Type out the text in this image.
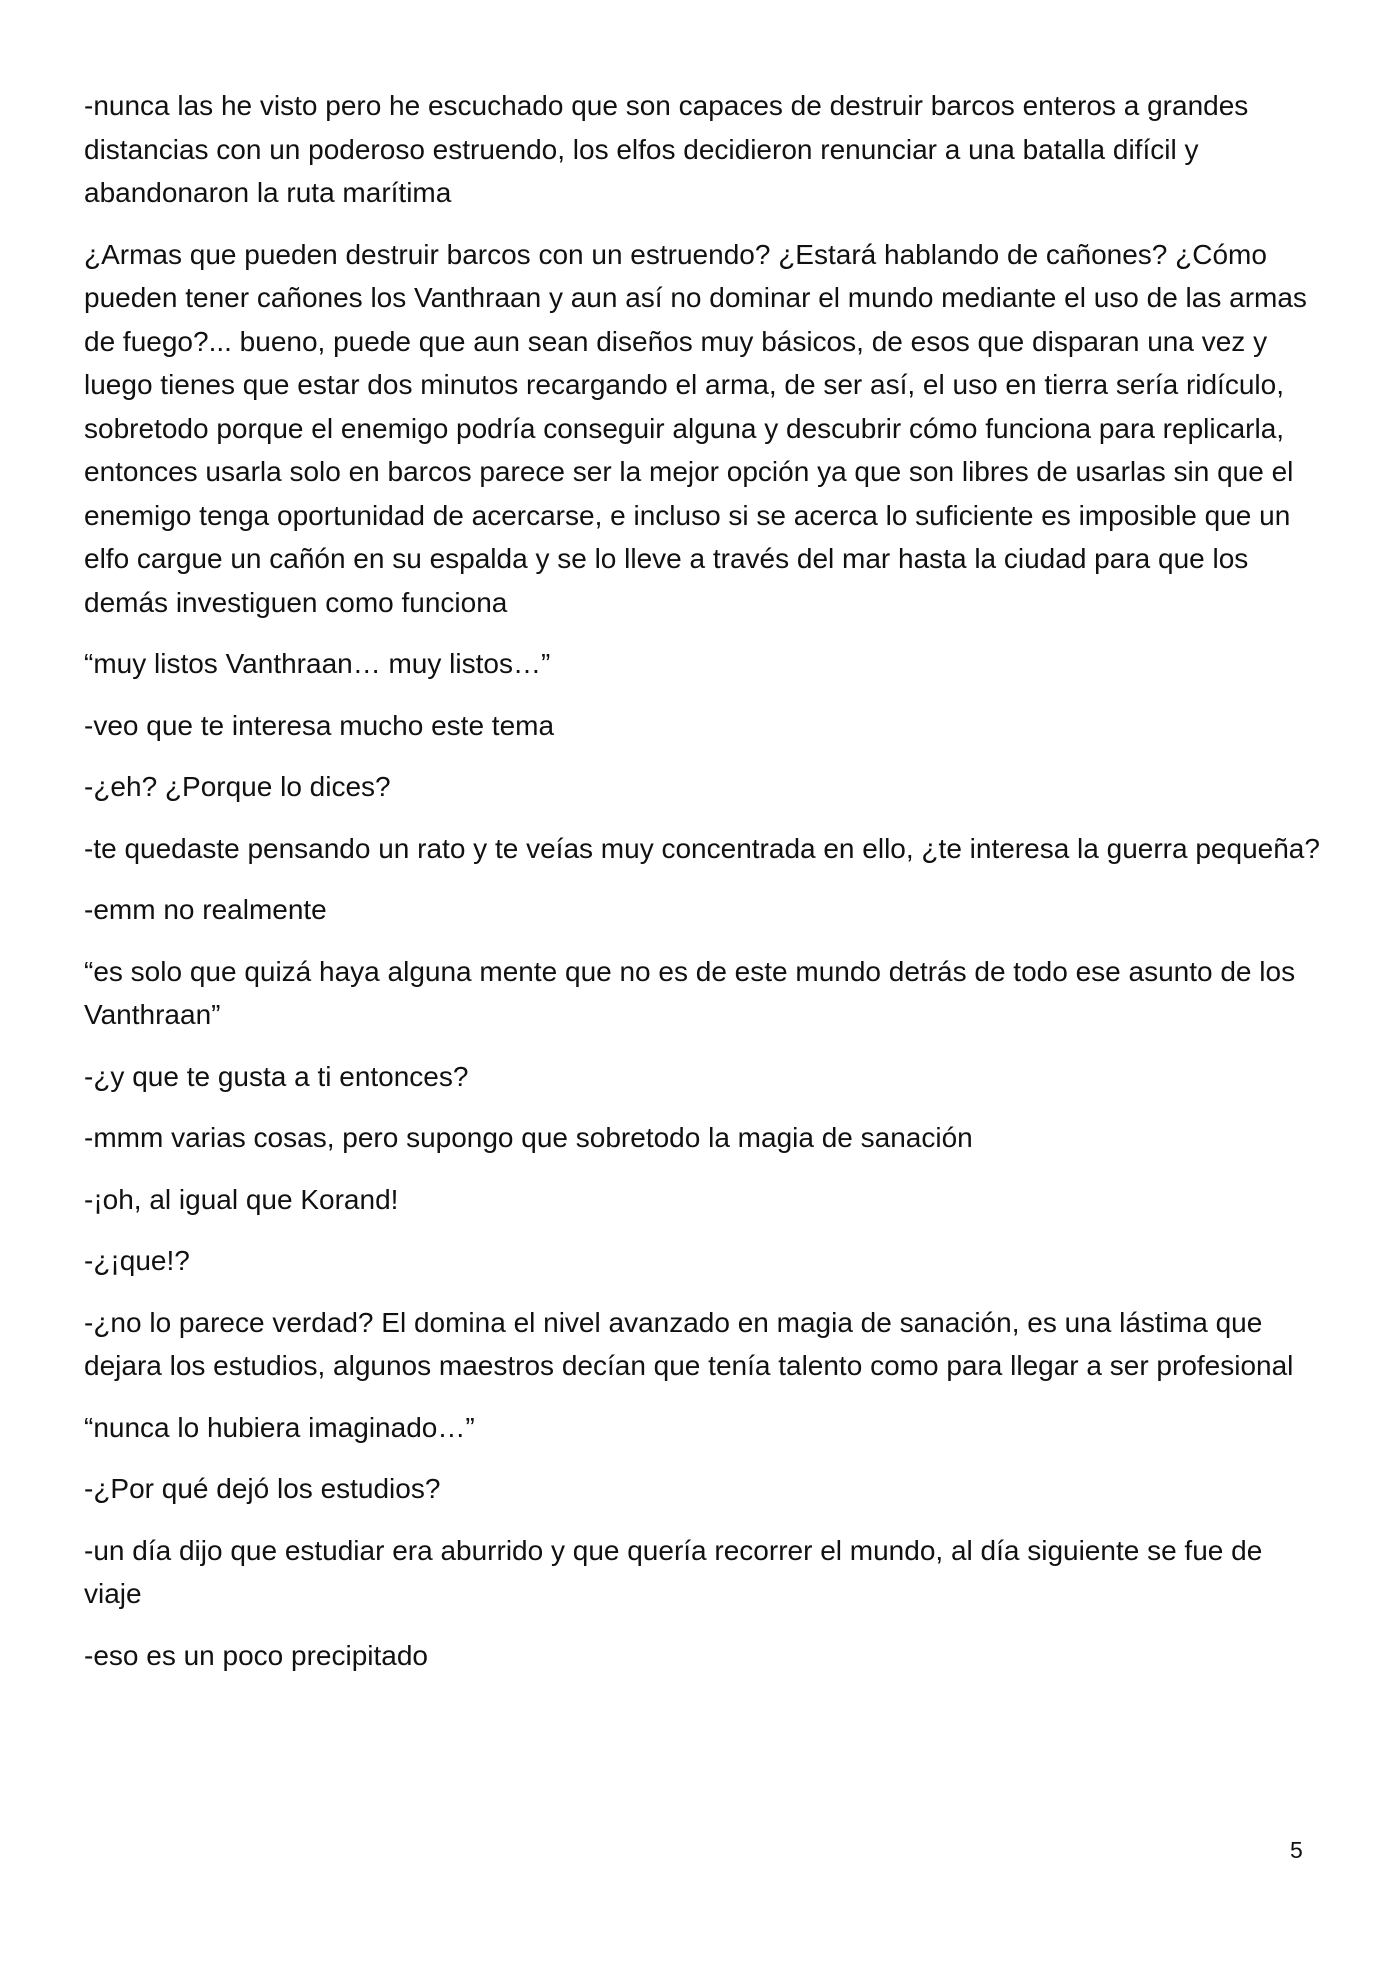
-nunca las he visto pero he escuchado que son capaces de destruir barcos enteros a grandes distancias con un poderoso estruendo, los elfos decidieron renunciar a una batalla difícil y abandonaron la ruta marítima

¿Armas que pueden destruir barcos con un estruendo? ¿Estará hablando de cañones? ¿Cómo pueden tener cañones los Vanthraan y aun así no dominar el mundo mediante el uso de las armas de fuego?... bueno, puede que aun sean diseños muy básicos, de esos que disparan una vez y luego tienes que estar dos minutos recargando el arma, de ser así, el uso en tierra sería ridículo, sobretodo porque el enemigo podría conseguir alguna y descubrir cómo funciona para replicarla, entonces usarla solo en barcos parece ser la mejor opción ya que son libres de usarlas sin que el enemigo tenga oportunidad de acercarse, e incluso si se acerca lo suficiente es imposible que un elfo cargue un cañón en su espalda y se lo lleve a través del mar hasta la ciudad para que los demás investiguen como funciona

“muy listos Vanthraan… muy listos…”

-veo que te interesa mucho este tema

-¿eh? ¿Porque lo dices?

-te quedaste pensando un rato y te veías muy concentrada en ello, ¿te interesa la guerra pequeña?

-emm no realmente

“es solo que quizá haya alguna mente que no es de este mundo detrás de todo ese asunto de los Vanthraan”

-¿y que te gusta a ti entonces?

-mmm varias cosas, pero supongo que sobretodo la magia de sanación

-¡oh, al igual que Korand!

-¿¡que!?

-¿no lo parece verdad? El domina el nivel avanzado en magia de sanación, es una lástima que dejara los estudios, algunos maestros decían que tenía talento como para llegar a ser profesional

“nunca lo hubiera imaginado…”

-¿Por qué dejó los estudios?

-un día dijo que estudiar era aburrido y que quería recorrer el mundo, al día siguiente se fue de viaje

-eso es un poco precipitado

5
